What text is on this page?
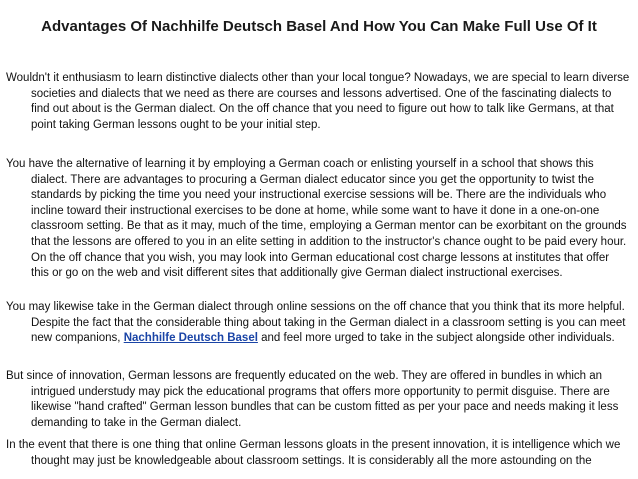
Advantages Of Nachhilfe Deutsch Basel And How You Can Make Full Use Of It

Wouldn't it enthusiasm to learn distinctive dialects other than your local tongue? Nowadays, we are special to learn diverse societies and dialects that we need as there are courses and lessons advertised. One of the fascinating dialects to find out about is the German dialect. On the off chance that you need to figure out how to talk like Germans, at that point taking German lessons ought to be your initial step.

You have the alternative of learning it by employing a German coach or enlisting yourself in a school that shows this dialect. There are advantages to procuring a German dialect educator since you get the opportunity to twist the standards by picking the time you need your instructional exercise sessions will be. There are the individuals who incline toward their instructional exercises to be done at home, while some want to have it done in a one-on-one classroom setting. Be that as it may, much of the time, employing a German mentor can be exorbitant on the grounds that the lessons are offered to you in an elite setting in addition to the instructor's chance ought to be paid every hour. On the off chance that you wish, you may look into German educational cost charge lessons at institutes that offer this or go on the web and visit different sites that additionally give German dialect instructional exercises.

You may likewise take in the German dialect through online sessions on the off chance that you think that its more helpful. Despite the fact that the considerable thing about taking in the German dialect in a classroom setting is you can meet new companions, Nachhilfe Deutsch Basel and feel more urged to take in the subject alongside other individuals.

But since of innovation, German lessons are frequently educated on the web. They are offered in bundles in which an intrigued understudy may pick the educational programs that offers more opportunity to permit disguise. There are likewise "hand crafted" German lesson bundles that can be custom fitted as per your pace and needs making it less demanding to take in the German dialect.

In the event that there is one thing that online German lessons gloats in the present innovation, it is intelligence which we thought may just be knowledgeable about classroom settings. It is considerably all the more astounding on the
